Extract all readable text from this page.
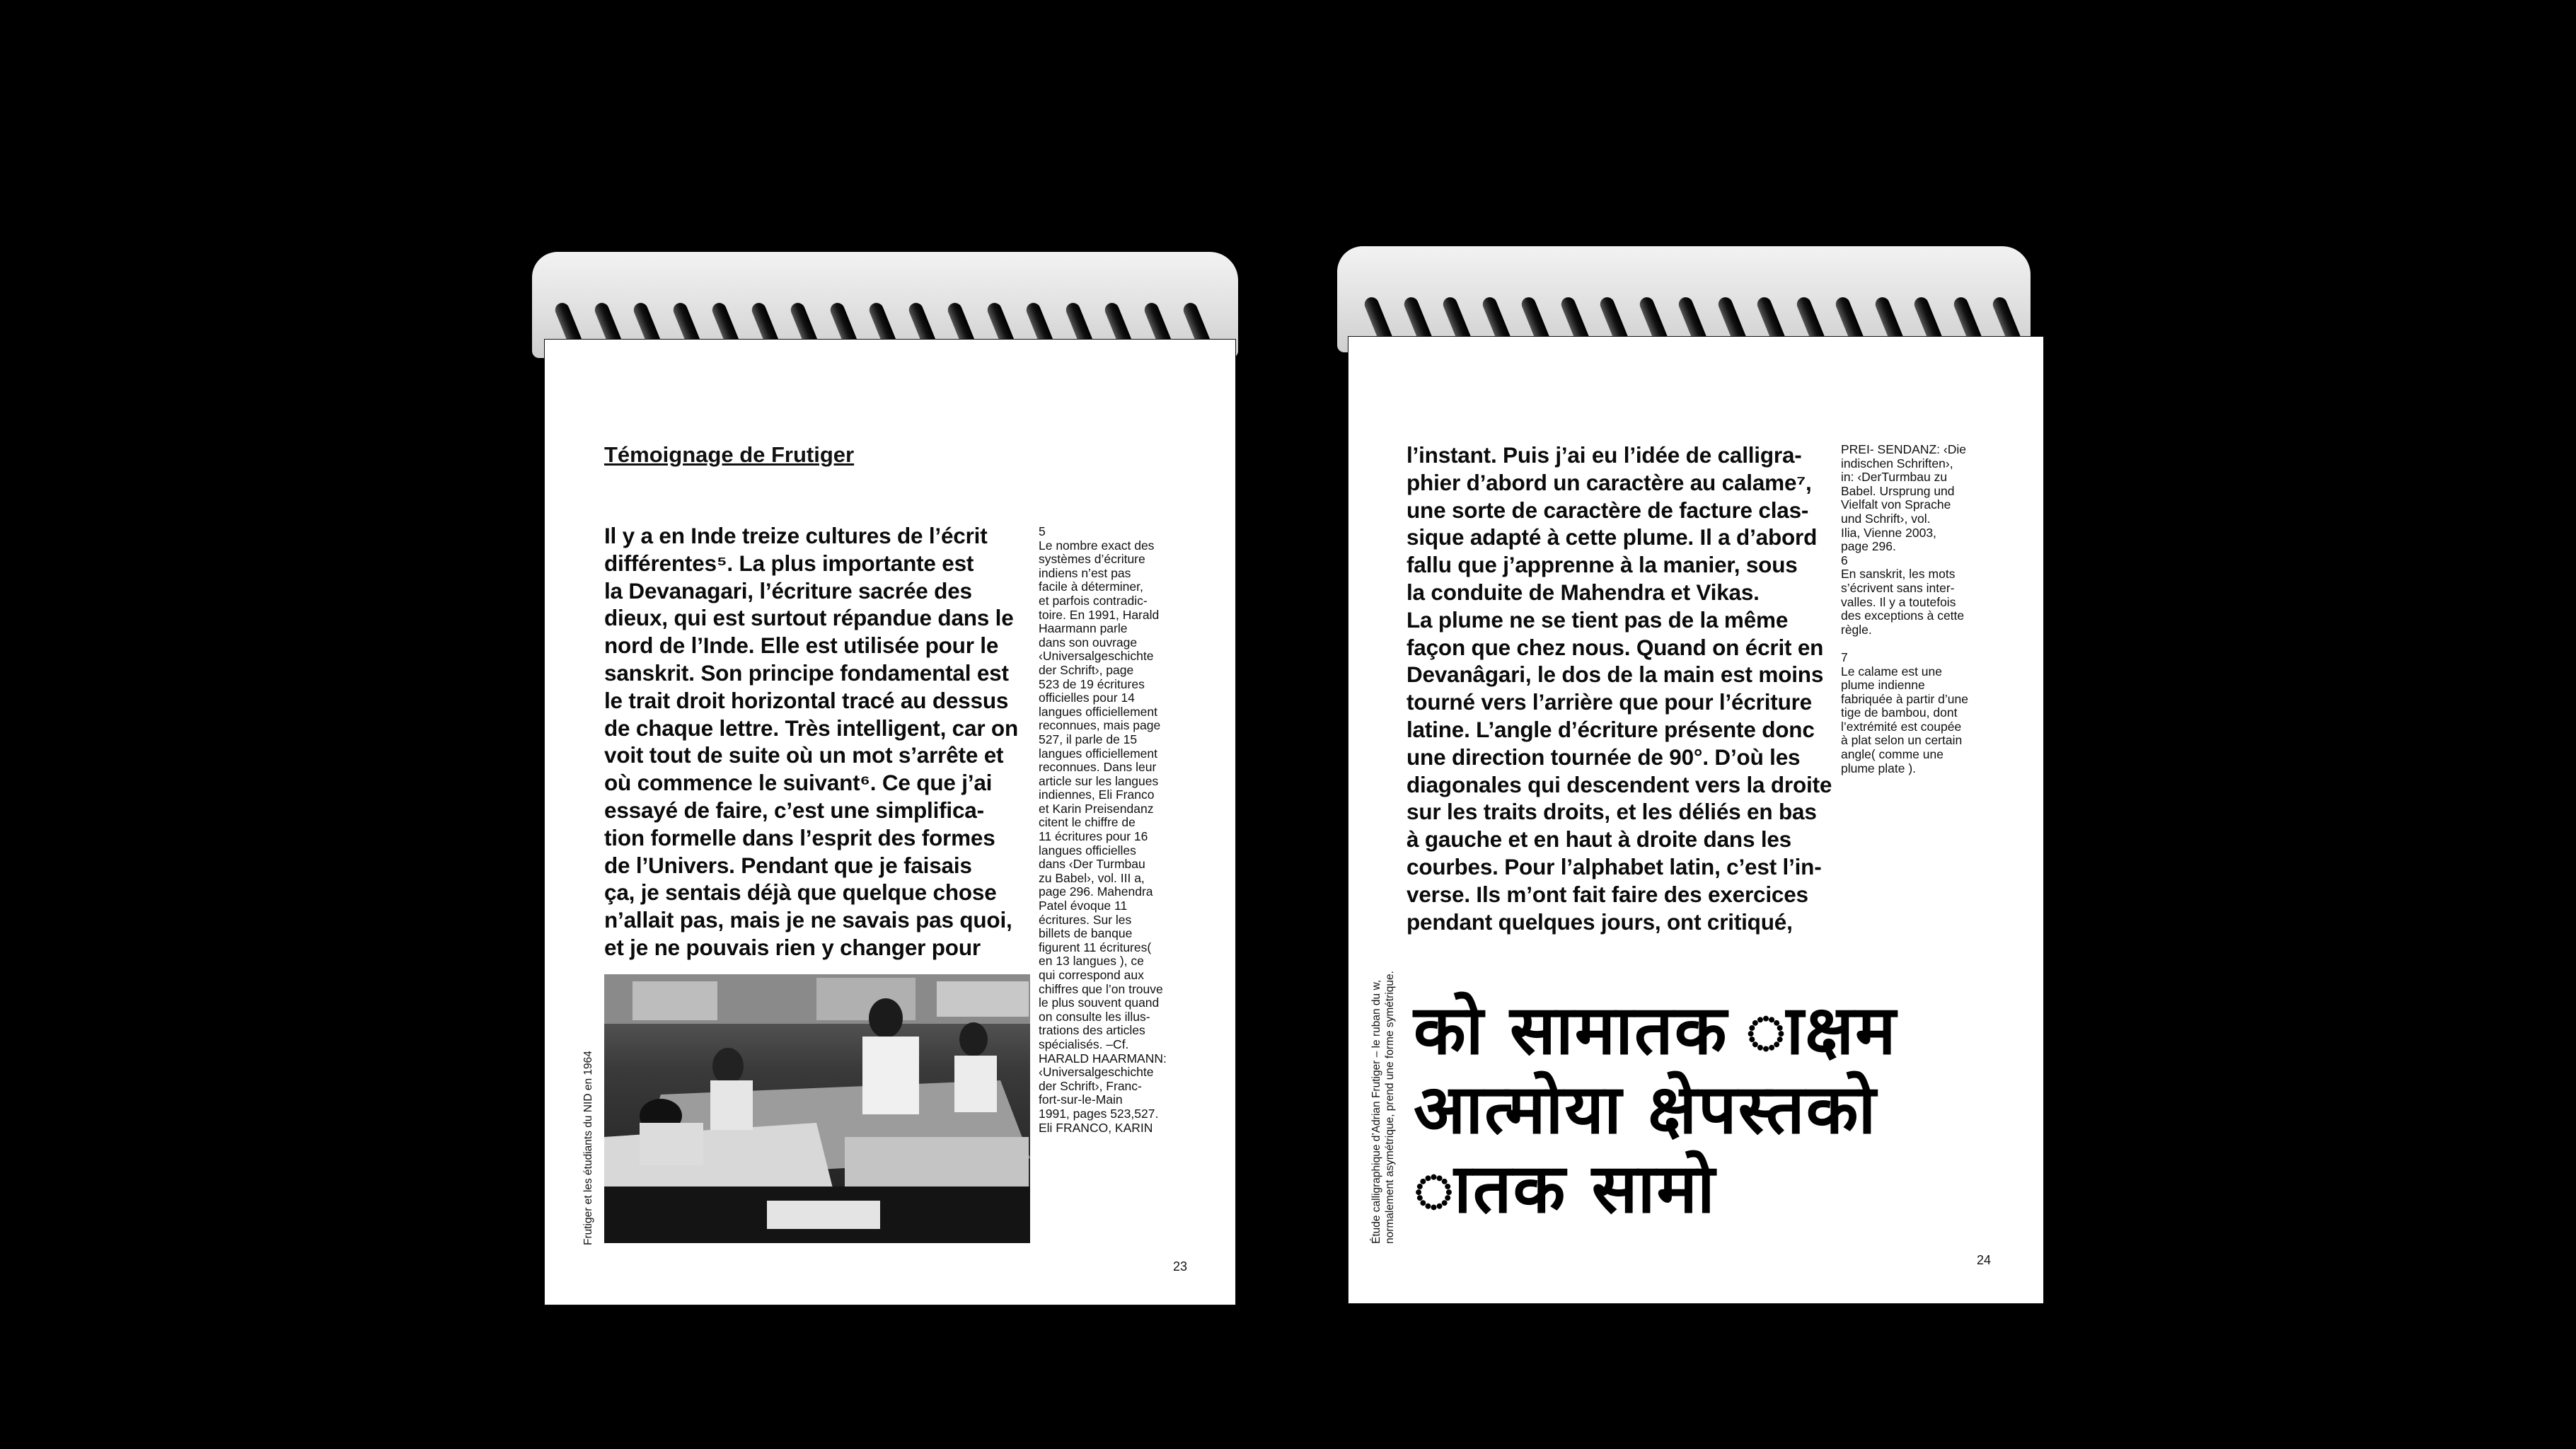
Témoignage de Frutiger

Il y a en Inde treize cultures de l’écrit
différentes⁵. La plus importante est
la Devanagari, l’écriture sacrée des
dieux, qui est surtout répandue dans le
nord de l’Inde. Elle est utilisée pour le
sanskrit. Son principe fondamental est
le trait droit horizontal tracé au dessus
de chaque lettre. Très intelligent, car on
voit tout de suite où un mot s’arrête et
où commence le suivant⁶. Ce que j’ai
essayé de faire, c’est une simplifica-
tion formelle dans l’esprit des formes
de l’Univers. Pendant que je faisais
ça, je sentais déjà que quelque chose
n’allait pas, mais je ne savais pas quoi,
et je ne pouvais rien y changer pour

5
Le nombre exact des
systèmes d’écriture
indiens n’est pas
facile à déterminer,
et parfois contradic-
toire. En 1991, Harald
Haarmann parle
dans son ouvrage
‹Universalgeschichte
der Schrift›, page
523 de 19 écritures
officielles pour 14
langues officiellement
reconnues, mais page
527, il parle de 15
langues officiellement
reconnues. Dans leur
article sur les langues
indiennes, Eli Franco
et Karin Preisendanz
citent le chiffre de
11 écritures pour 16
langues officielles
dans ‹Der Turmbau
zu Babel›, vol. III a,
page 296. Mahendra
Patel évoque 11
écritures. Sur les
billets de banque
figurent 11 écritures(
en 13 langues ), ce
qui correspond aux
chiffres que l’on trouve
le plus souvent quand
on consulte les illus-
trations des articles
spécialisés. –Cf.
HARALD HAARMANN:
‹Universalgeschichte
der Schrift›, Franc-
fort-sur-le-Main
1991, pages 523,527.
Eli FRANCO, KARIN

Frutiger et les étudiants du NID en 1964
23

l’instant. Puis j’ai eu l’idée de calligra-
phier d’abord un caractère au calame⁷,
une sorte de caractère de facture clas-
sique adapté à cette plume. Il a d’abord
fallu que j’apprenne à la manier, sous
la conduite de Mahendra et Vikas.
La plume ne se tient pas de la même
façon que chez nous. Quand on écrit en
Devanâgari, le dos de la main est moins
tourné vers l’arrière que pour l’écriture
latine. L’angle d’écriture présente donc
une direction tournée de 90°. D’où les
diagonales qui descendent vers la droite
sur les traits droits, et les déliés en bas
à gauche et en haut à droite dans les
courbes. Pour l’alphabet latin, c’est l’in-
verse. Ils m’ont fait faire des exercices
pendant quelques jours, ont critiqué,

PREI- SENDANZ: ‹Die
indischen Schriften›,
in: ‹DerTurmbau zu
Babel. Ursprung und
Vielfalt von Sprache
und Schrift›, vol.
Ilia, Vienne 2003,
page 296.
6
En sanskrit, les mots
s’écrivent sans inter-
valles. Il y a toutefois
des exceptions à cette
règle.

7
Le calame est une
plume indienne
fabriquée à partir d’une
tige de bambou, dont
l’extrémité est coupée
à plat selon un certain
angle( comme une
plume plate ).

को सामातक ाक्षम
आत्मोया क्षेपस्तको
ातक सामो

Étude calligraphique d’Adrian Frutiger – le ruban du w,
normalement asymétrique, prend une forme symétrique.
24
